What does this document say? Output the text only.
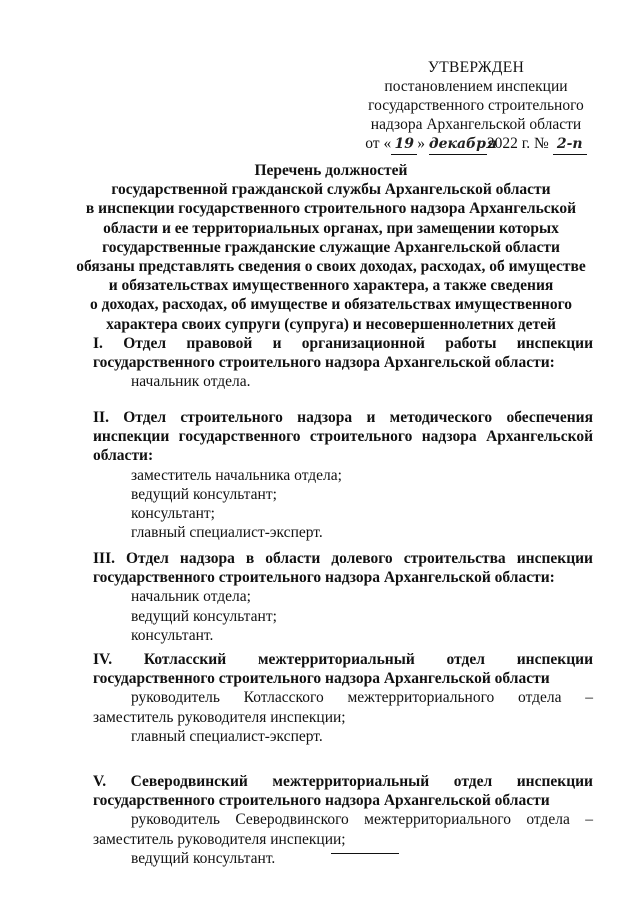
УТВЕРЖДЕН
постановлением инспекции
государственного строительного
надзора Архангельской области
от « 19 » декабря2022 г. № 2-п
Перечень должностей
государственной гражданской службы Архангельской области
в инспекции государственного строительного надзора Архангельской
области и ее территориальных органах, при замещении которых
государственные гражданские служащие Архангельской области
обязаны представлять сведения о своих доходах, расходах, об имуществе
и обязательствах имущественного характера, а также сведения
о доходах, расходах, об имуществе и обязательствах имущественного
характера своих супруги (супруга) и несовершеннолетних детей
I. Отдел правовой и организационной работы инспекции государственного строительного надзора Архангельской области:
начальник отдела.
II. Отдел строительного надзора и методического обеспечения инспекции государственного строительного надзора Архангельской области:
заместитель начальника отдела;
ведущий консультант;
консультант;
главный специалист-эксперт.
III. Отдел надзора в области долевого строительства инспекции государственного строительного надзора Архангельской области:
начальник отдела;
ведущий консультант;
консультант.
IV. Котласский межтерриториальный отдел инспекции государственного строительного надзора Архангельской области
руководитель Котласского межтерриториального отдела – заместитель руководителя инспекции;
главный специалист-эксперт.
V. Северодвинский межтерриториальный отдел инспекции государственного строительного надзора Архангельской области
руководитель Северодвинского межтерриториального отдела – заместитель руководителя инспекции;
ведущий консультант.
